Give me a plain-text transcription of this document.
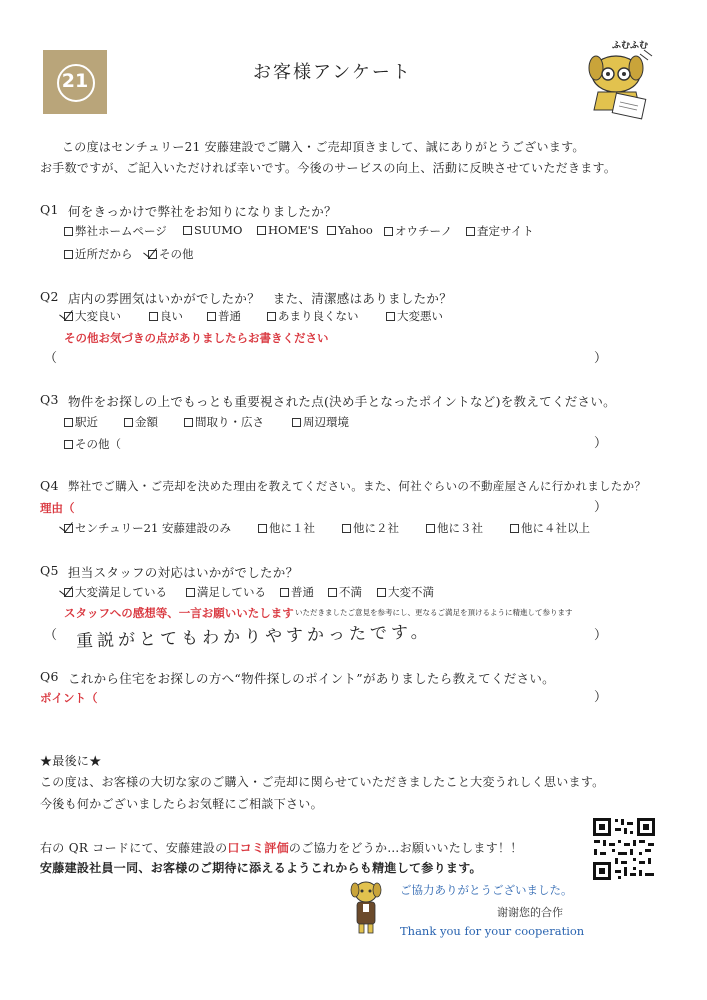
21	お客様アンケート
ふむふむ
この度はセンチュリー21 安藤建設でご購入・ご売却頂きまして、誠にありがとうございます。
お手数ですが、ご記入いただければ幸いです。今後のサービスの向上、活動に反映させていただきます。
Q1 何をきっかけで弊社をお知りになりましたか？
弊社ホームページ	SUUMO	HOME'S	Yahoo	オウチーノ	査定サイト
近所だから	その他
Q2 店内の雰囲気はいかがでしたか？　また、清潔感はありましたか？
大変良い	良い	普通	あまり良くない	大変悪い
その他お気づきの点がありましたらお書きください
（	）
Q3 物件をお探しの上でもっとも重要視された点(決め手となったポイントなど)を教えてください。
駅近	金額	間取り・広さ	周辺環境
その他（	）
Q4 弊社でご購入・ご売却を決めた理由を教えてください。また、何社ぐらいの不動産屋さんに行かれましたか？
理由（	）
センチュリー21 安藤建設のみ	他に１社	他に２社	他に３社	他に４社以上
Q5 担当スタッフの対応はいかがでしたか？
大変満足している	満足している	普通	不満	大変不満
スタッフへの感想等、一言お願いいたします いただきましたご意見を参考にし、更なるご満足を頂けるように精進して参ります
（ 重説がとてもわかりやすかったです。	）
Q6 これから住宅をお探しの方へ“物件探しのポイント”がありましたら教えてください。
ポイント（	）
★最後に★
この度は、お客様の大切な家のご購入・ご売却に関らせていただきましたこと大変うれしく思います。
今後も何かございましたらお気軽にご相談下さい。
右の QR コードにて、安藤建設の口コミ評価のご協力をどうか…お願いいたします！！
安藤建設社員一同、お客様のご期待に添えるようこれからも精進して参ります。
ご協力ありがとうございました。
谢谢您的合作
Thank you for your cooperation
